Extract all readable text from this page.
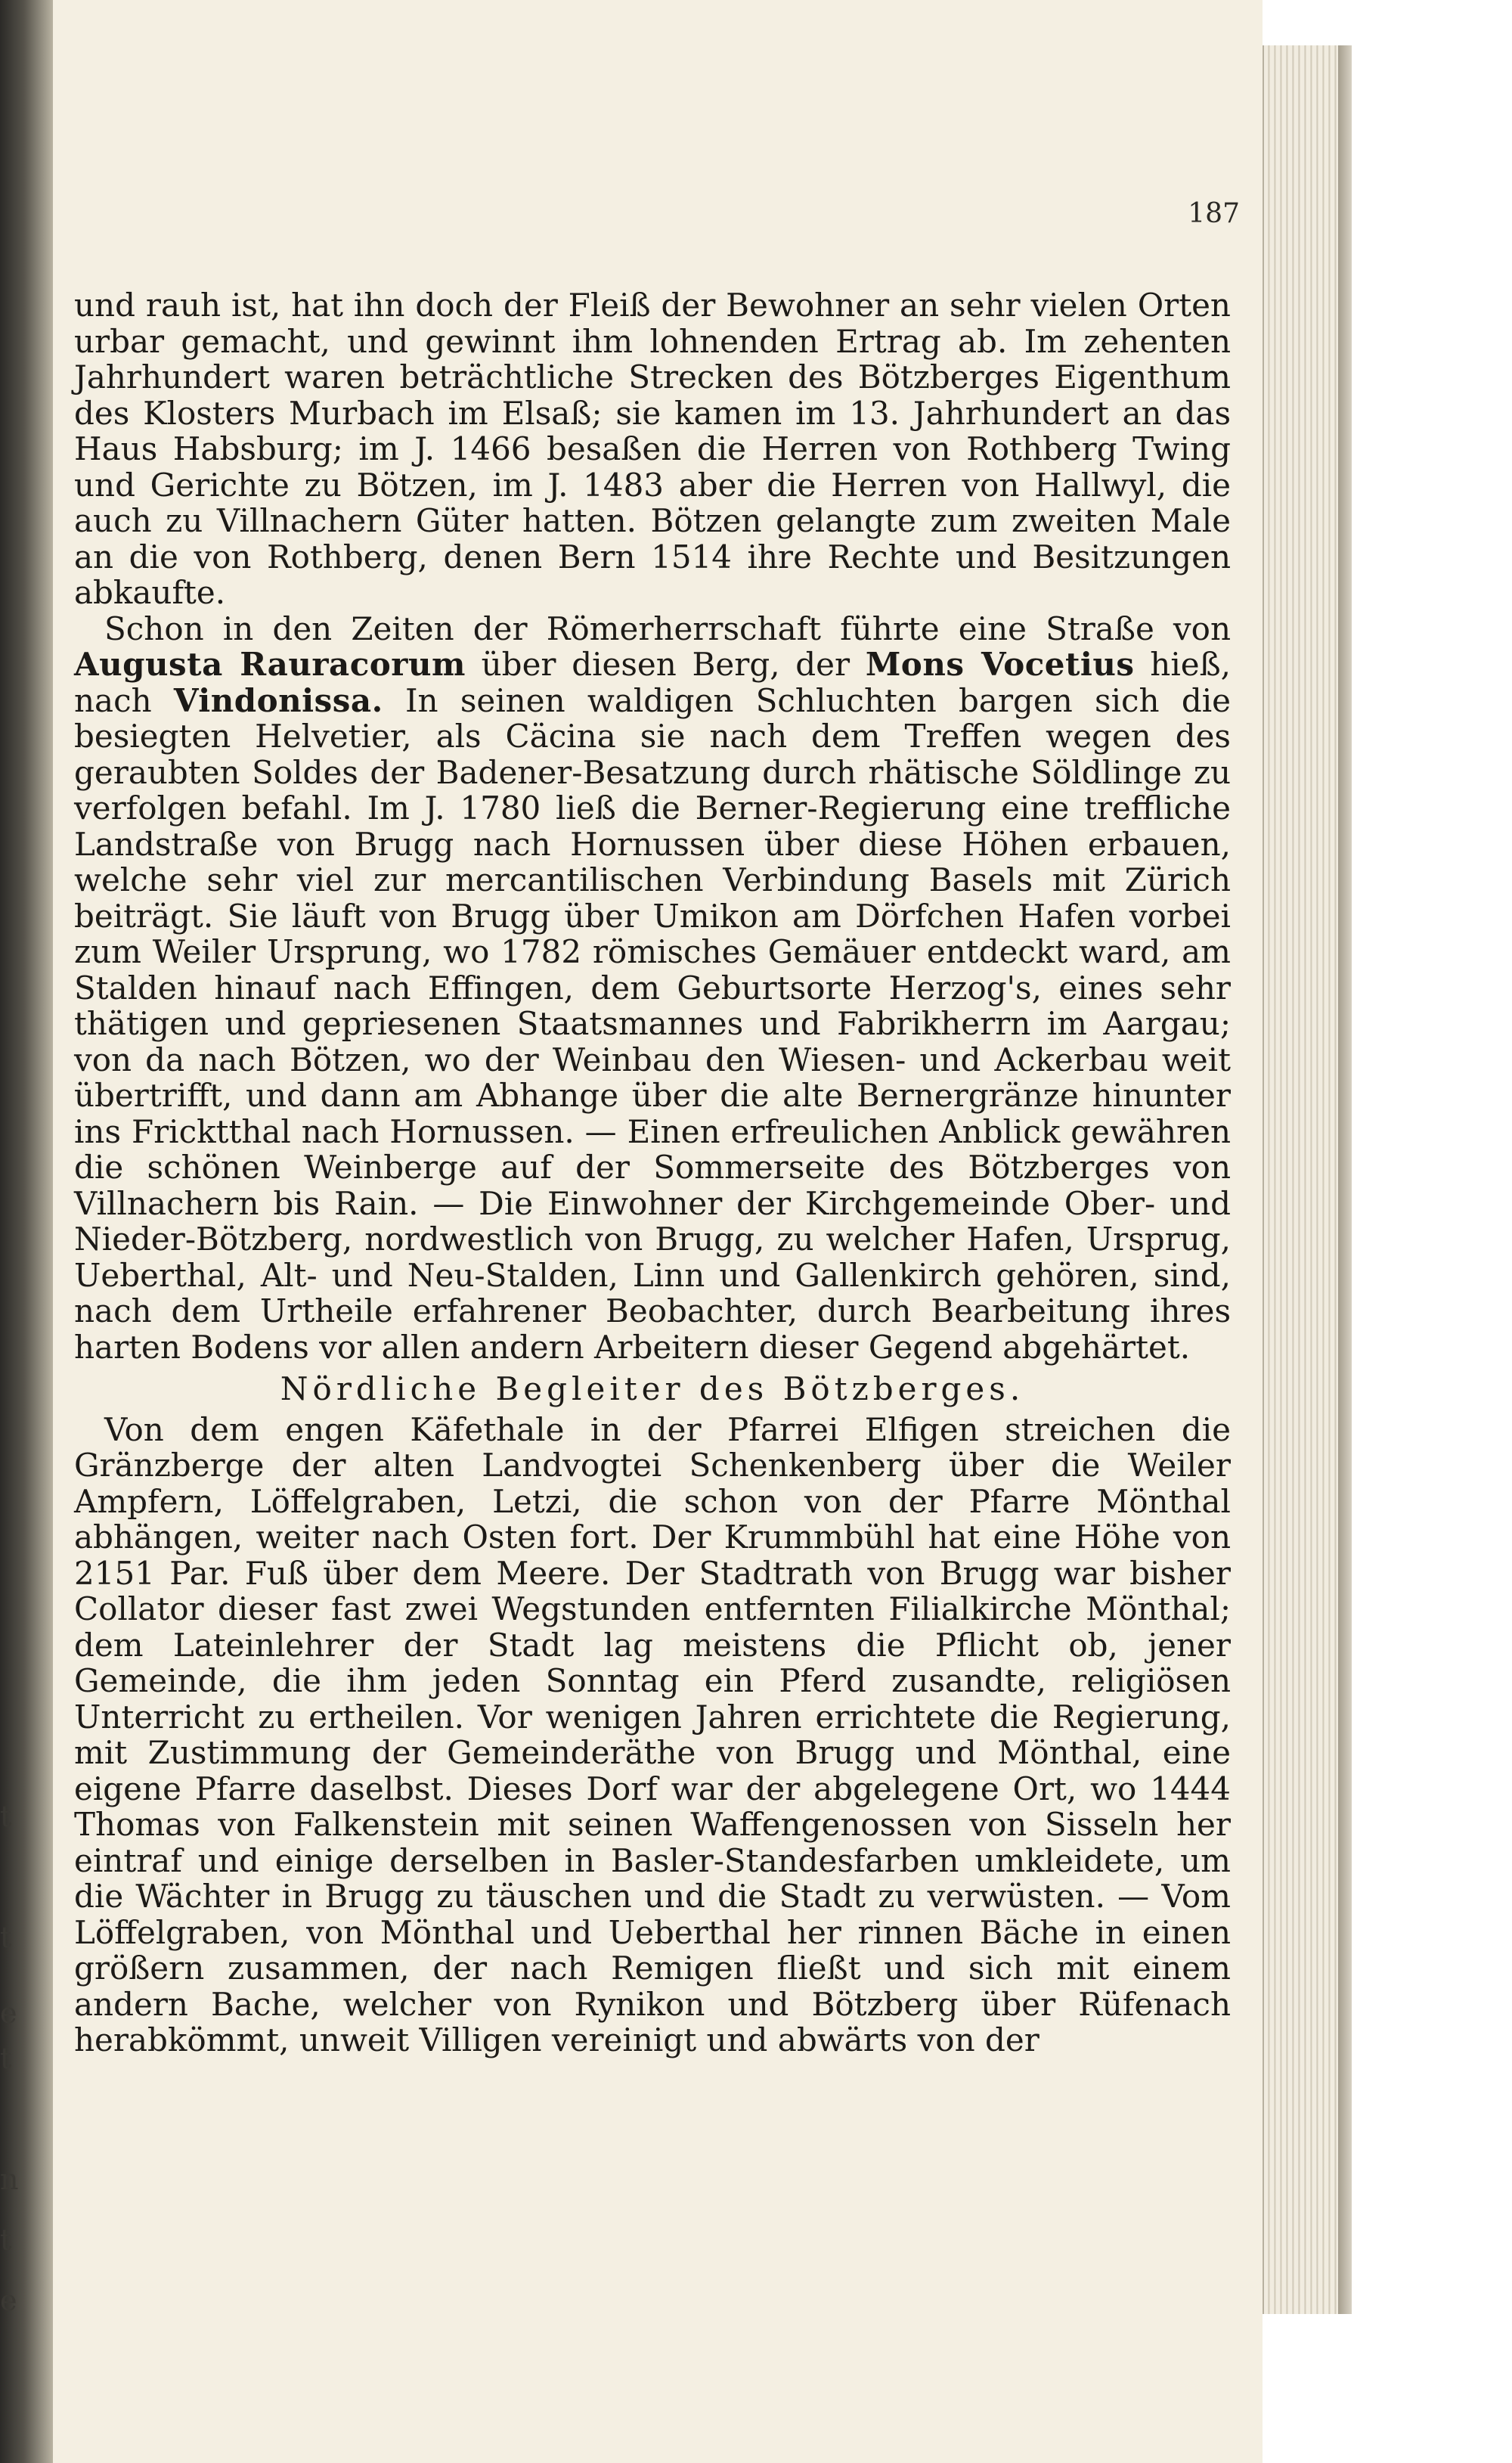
t
t
e
t
n
t
e
187

und rauh ist, hat ihn doch der Fleiß der Bewohner an sehr vielen Orten urbar gemacht, und gewinnt ihm lohnenden Ertrag ab. Im zehenten Jahrhundert waren beträchtliche Strecken des Bötzberges Eigenthum des Klosters Murbach im Elsaß; sie kamen im 13. Jahrhundert an das Haus Habsburg; im J. 1466 besaßen die Herren von Rothberg Twing und Gerichte zu Bötzen, im J. 1483 aber die Herren von Hallwyl, die auch zu Villnachern Güter hatten. Bötzen gelangte zum zweiten Male an die von Rothberg, denen Bern 1514 ihre Rechte und Besitzungen abkaufte.

Schon in den Zeiten der Römerherrschaft führte eine Straße von Augusta Rauracorum über diesen Berg, der Mons Vocetius hieß, nach Vindonissa. In seinen waldigen Schluchten bargen sich die besiegten Helvetier, als Cäcina sie nach dem Treffen wegen des geraubten Soldes der Badener-Besatzung durch rhätische Söldlinge zu verfolgen befahl. Im J. 1780 ließ die Berner-Regierung eine treffliche Landstraße von Brugg nach Hornussen über diese Höhen erbauen, welche sehr viel zur mercantilischen Verbindung Basels mit Zürich beiträgt. Sie läuft von Brugg über Umikon am Dörfchen Hafen vorbei zum Weiler Ursprung, wo 1782 römisches Gemäuer entdeckt ward, am Stalden hinauf nach Effingen, dem Geburtsorte Herzog's, eines sehr thätigen und gepriesenen Staatsmannes und Fabrikherrn im Aargau; von da nach Bötzen, wo der Weinbau den Wiesen- und Ackerbau weit übertrifft, und dann am Abhange über die alte Bernergränze hinunter ins Fricktthal nach Hornussen. — Einen erfreulichen Anblick gewähren die schönen Weinberge auf der Sommerseite des Bötzberges von Villnachern bis Rain. — Die Einwohner der Kirchgemeinde Ober- und Nieder-Bötzberg, nordwestlich von Brugg, zu welcher Hafen, Ursprug, Ueberthal, Alt- und Neu-Stalden, Linn und Gallenkirch gehören, sind, nach dem Urtheile erfahrener Beobachter, durch Bearbeitung ihres harten Bodens vor allen andern Arbeitern dieser Gegend abgehärtet.

Nördliche Begleiter des Bötzberges.

Von dem engen Käfethale in der Pfarrei Elfigen streichen die Gränzberge der alten Landvogtei Schenkenberg über die Weiler Ampfern, Löffelgraben, Letzi, die schon von der Pfarre Mönthal abhängen, weiter nach Osten fort. Der Krummbühl hat eine Höhe von 2151 Par. Fuß über dem Meere. Der Stadtrath von Brugg war bisher Collator dieser fast zwei Wegstunden entfernten Filialkirche Mönthal; dem Lateinlehrer der Stadt lag meistens die Pflicht ob, jener Gemeinde, die ihm jeden Sonntag ein Pferd zusandte, religiösen Unterricht zu ertheilen. Vor wenigen Jahren errichtete die Regierung, mit Zustimmung der Gemeinderäthe von Brugg und Mönthal, eine eigene Pfarre daselbst. Dieses Dorf war der abgelegene Ort, wo 1444 Thomas von Falkenstein mit seinen Waffengenossen von Sisseln her eintraf und einige derselben in Basler-Standesfarben umkleidete, um die Wächter in Brugg zu täuschen und die Stadt zu verwüsten. — Vom Löffelgraben, von Mönthal und Ueberthal her rinnen Bäche in einen größern zusammen, der nach Remigen fließt und sich mit einem andern Bache, welcher von Rynikon und Bötzberg über Rüfenach herabkömmt, unweit Villigen vereinigt und abwärts von der
